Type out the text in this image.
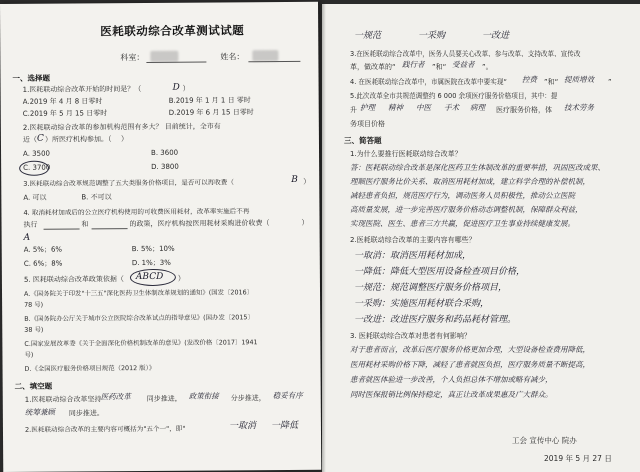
医耗联动综合改革测试试题
科室：	姓名：
一、选择题
1.医耗联动综合改革开始的时间是？（	D ）
A.2019 年 4 月 8 日零时	B.2019 年 1 月 1 日 零时
C.2019 年 5 月 15 日零时	D.2019 年 6 月 15 日零时
2.医耗联动综合改革的参加机构范围有多大？ 目前统计，全市有
近（ C ）所医疗机构参加。（ ）
A. 3500	B. 3600
C. 3700	D. 3800
3.医耗联动综合改革规范调整了五大类服务价格项目，是否可以再收费（	B ）
A. 可以	B. 不可以
4. 取消耗材加成后的公立医疗机构使用的可收费医用耗材，改革率实施后不再
执行	和	的政策，医疗机构按医用耗材采购进价收费（	）
A
A. 5%；6%	B. 5%；10%
C. 6%；8%	D. 1%；3%
5. 医耗联动综合改革政策依据（ ABCD ）
A.《国务院关于印发"十三五"深化医药卫生体制改革规划的通知》(国发〔2016〕
78 号)
B.《国务院办公厅关于城市公立医院综合改革试点的指导意见》(国办发〔2015〕
38 号)
C.国家发展改革委《关于全面深化价格机制改革的意见》(发改价格〔2017〕1941
号)
D.《全国医疗服务价格项目规范（2012 版）》
二、填空题
1.医耗联动综合改革坚持 医药改革 同步推进， 政策衔接 分步推进， 稳妥有序
统筹兼顾 同步推进。
2.医耗联动综合改革的主要内容可概括为"五个一"，即"	一取消 一降低
一规范	一采购	一改进
3.在医耗联动综合改革中，医务人员要关心改革、参与改革、支持改革、宣传改
革，做改革的“ 践行者 ”和“ 受益者 ”。
4. 在医耗联动综合改革中，市属医院在改革中要实现“ 控费 ”和“ 提质增效 ”
5.此次改革全市共规范调整约 6 000 余项医疗服务价格项目，其中：提
升 护理 精神 中医 手术 病理 医疗服务价格，体 技术劳务
务项目价格
三、简答题
1.为什么要推行医耗联动综合改革？
答：医耗联动综合改革是深化医药卫生体制改革的重要举措，巩固医改成果、
理顺医疗服务比价关系、取消医用耗材加成，建立科学合理的补偿机制，
减轻患者负担，规范医疗行为，调动医务人员积极性，推动公立医院
高质量发展，进一步完善医疗服务价格动态调整机制，保障群众利益，
实现医院、医生、患者三方共赢，促进医疗卫生事业持续健康发展。
2.医耗联动综合改革的主要内容有哪些？
一取消：取消医用耗材加成，
一降低：降低大型医用设备检查项目价格，
一规范：规范调整医疗服务价格项目，
一采购：实施医用耗材联合采购，
一改进：改进医疗服务和药品耗材管理。
3. 医耗联动综合改革对患者有何影响？
对于患者而言，改革后医疗服务价格更加合理，大型设备检查费用降低，
医用耗材采购价格下降，减轻了患者就医负担，医疗服务质量不断提高，
患者就医体验进一步改善，个人负担总体不增加或略有减少，
同时医保报销比例保持稳定，真正让改革成果惠及广大群众。
工会 宣传中心 院办
2019 年 5 月 27 日
